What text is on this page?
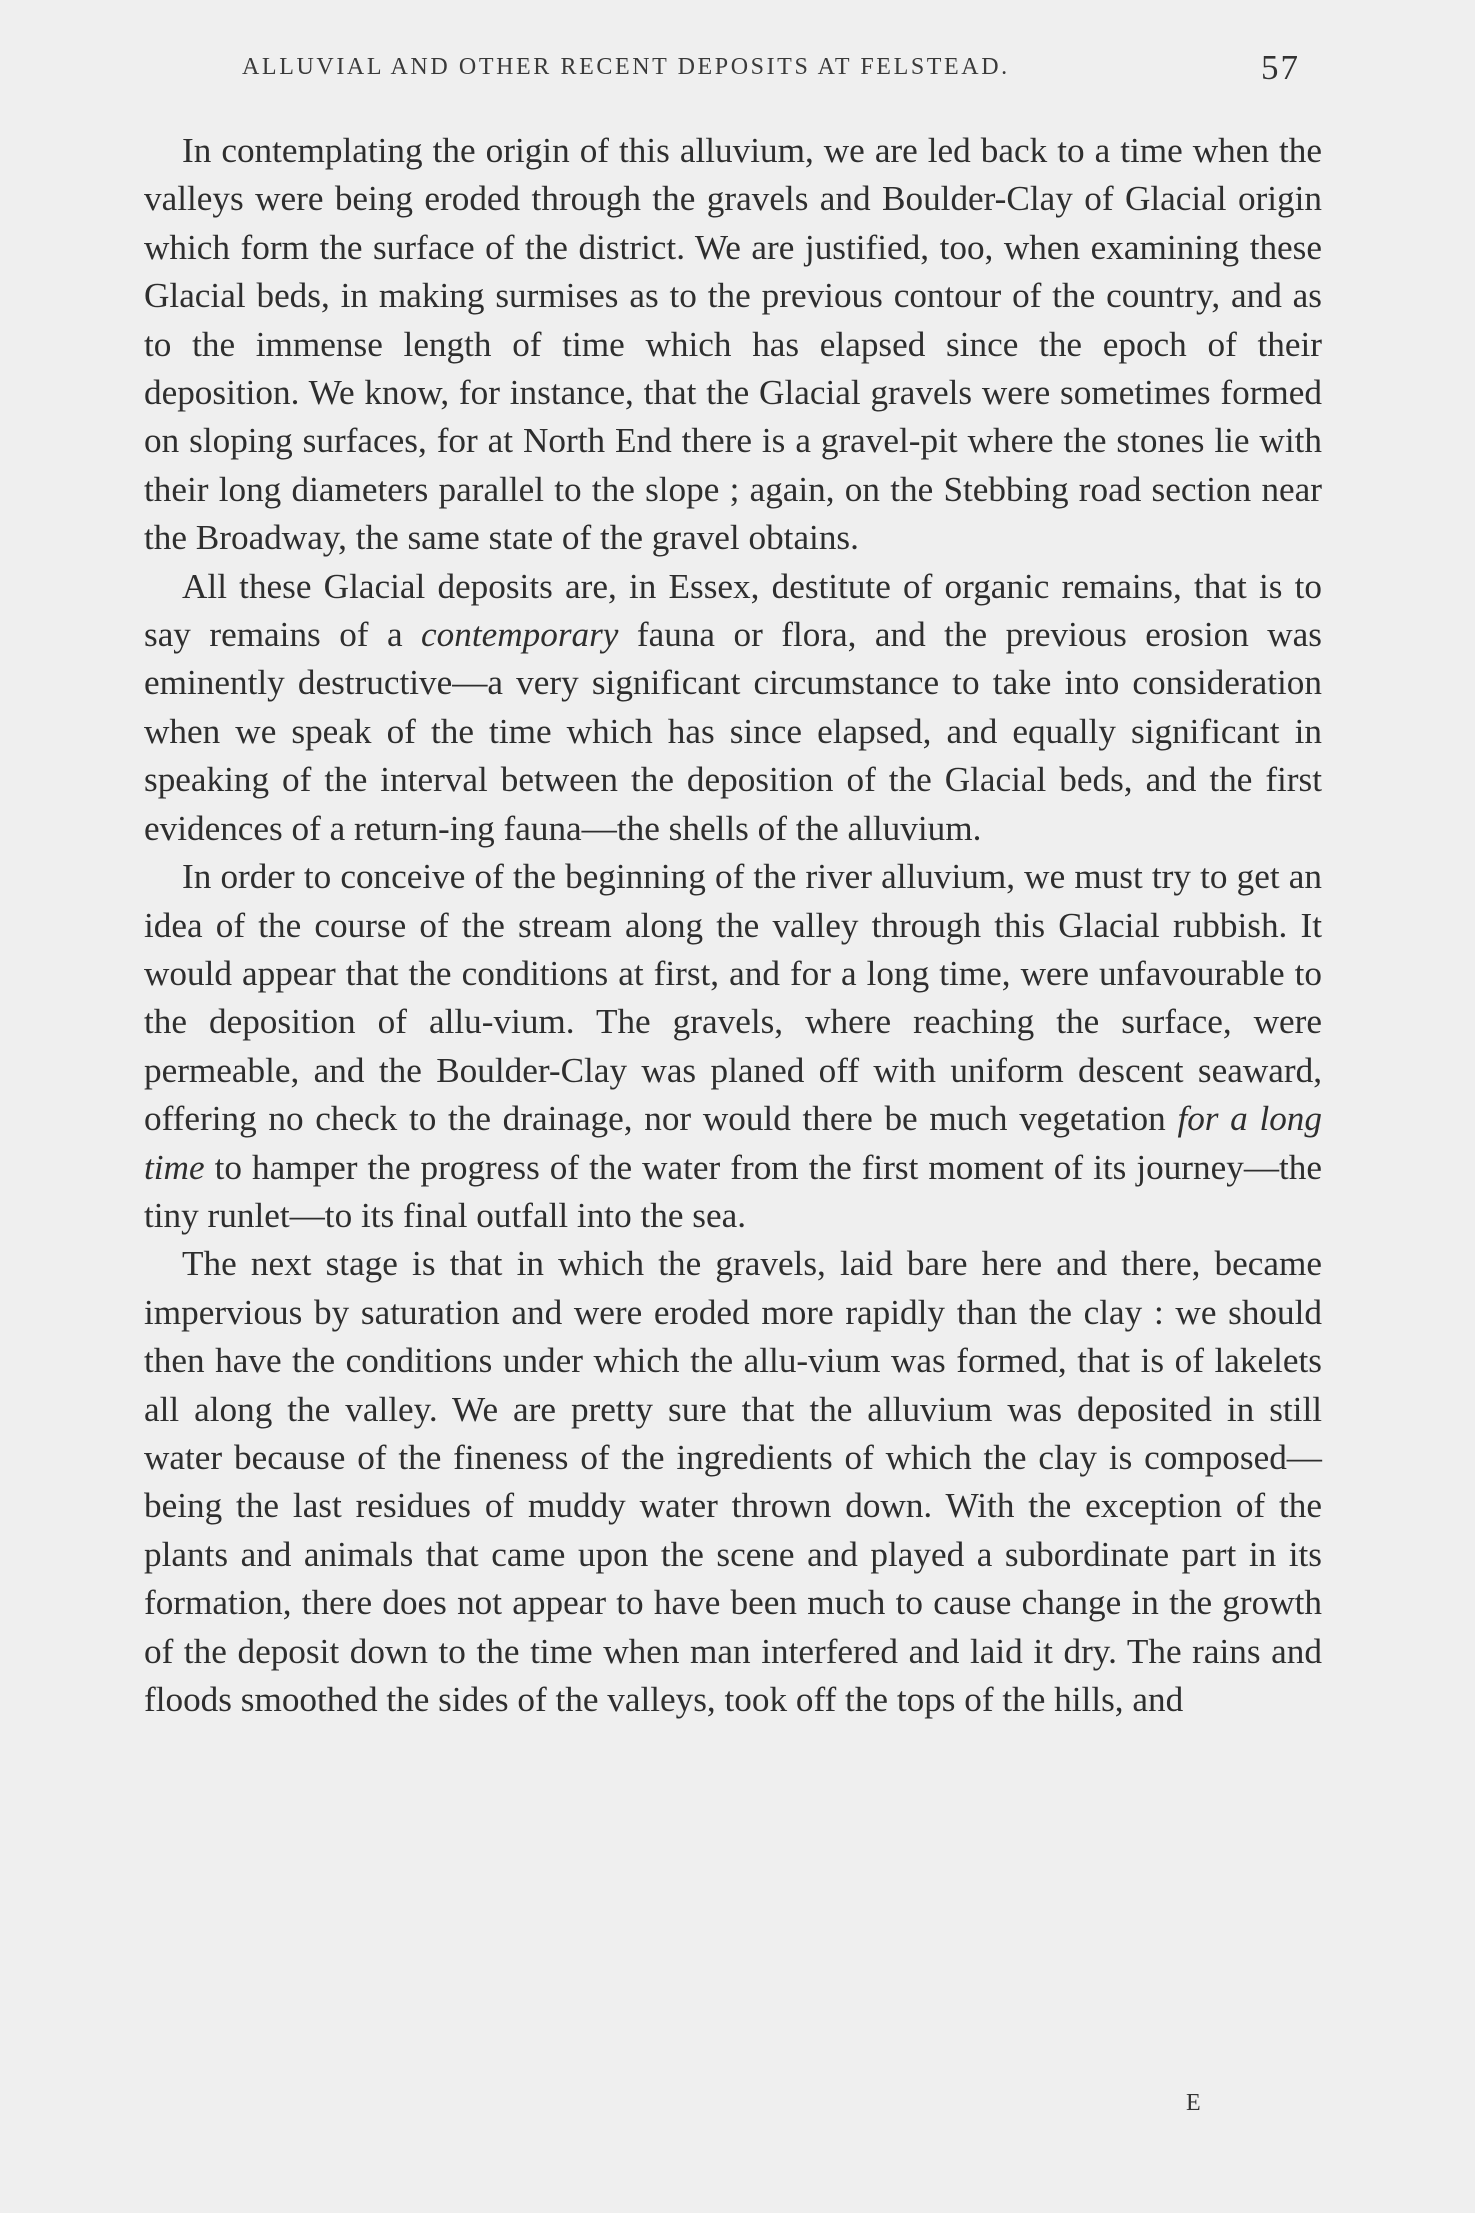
ALLUVIAL AND OTHER RECENT DEPOSITS AT FELSTEAD.	57

In contemplating the origin of this alluvium, we are led back to a time when the valleys were being eroded through the gravels and Boulder-Clay of Glacial origin which form the surface of the district. We are justified, too, when examining these Glacial beds, in making surmises as to the previous contour of the country, and as to the immense length of time which has elapsed since the epoch of their deposition. We know, for instance, that the Glacial gravels were sometimes formed on sloping surfaces, for at North End there is a gravel-pit where the stones lie with their long diameters parallel to the slope ; again, on the Stebbing road section near the Broadway, the same state of the gravel obtains.

All these Glacial deposits are, in Essex, destitute of organic remains, that is to say remains of a contemporary fauna or flora, and the previous erosion was eminently destructive—a very significant circumstance to take into consideration when we speak of the time which has since elapsed, and equally significant in speaking of the interval between the deposition of the Glacial beds, and the first evidences of a return-ing fauna—the shells of the alluvium.

In order to conceive of the beginning of the river alluvium, we must try to get an idea of the course of the stream along the valley through this Glacial rubbish. It would appear that the conditions at first, and for a long time, were unfavourable to the deposition of allu-vium. The gravels, where reaching the surface, were permeable, and the Boulder-Clay was planed off with uniform descent seaward, offering no check to the drainage, nor would there be much vegetation for a long time to hamper the progress of the water from the first moment of its journey—the tiny runlet—to its final outfall into the sea.

The next stage is that in which the gravels, laid bare here and there, became impervious by saturation and were eroded more rapidly than the clay : we should then have the conditions under which the allu-vium was formed, that is of lakelets all along the valley. We are pretty sure that the alluvium was deposited in still water because of the fineness of the ingredients of which the clay is composed—being the last residues of muddy water thrown down. With the exception of the plants and animals that came upon the scene and played a subordinate part in its formation, there does not appear to have been much to cause change in the growth of the deposit down to the time when man interfered and laid it dry. The rains and floods smoothed the sides of the valleys, took off the tops of the hills, and

E
